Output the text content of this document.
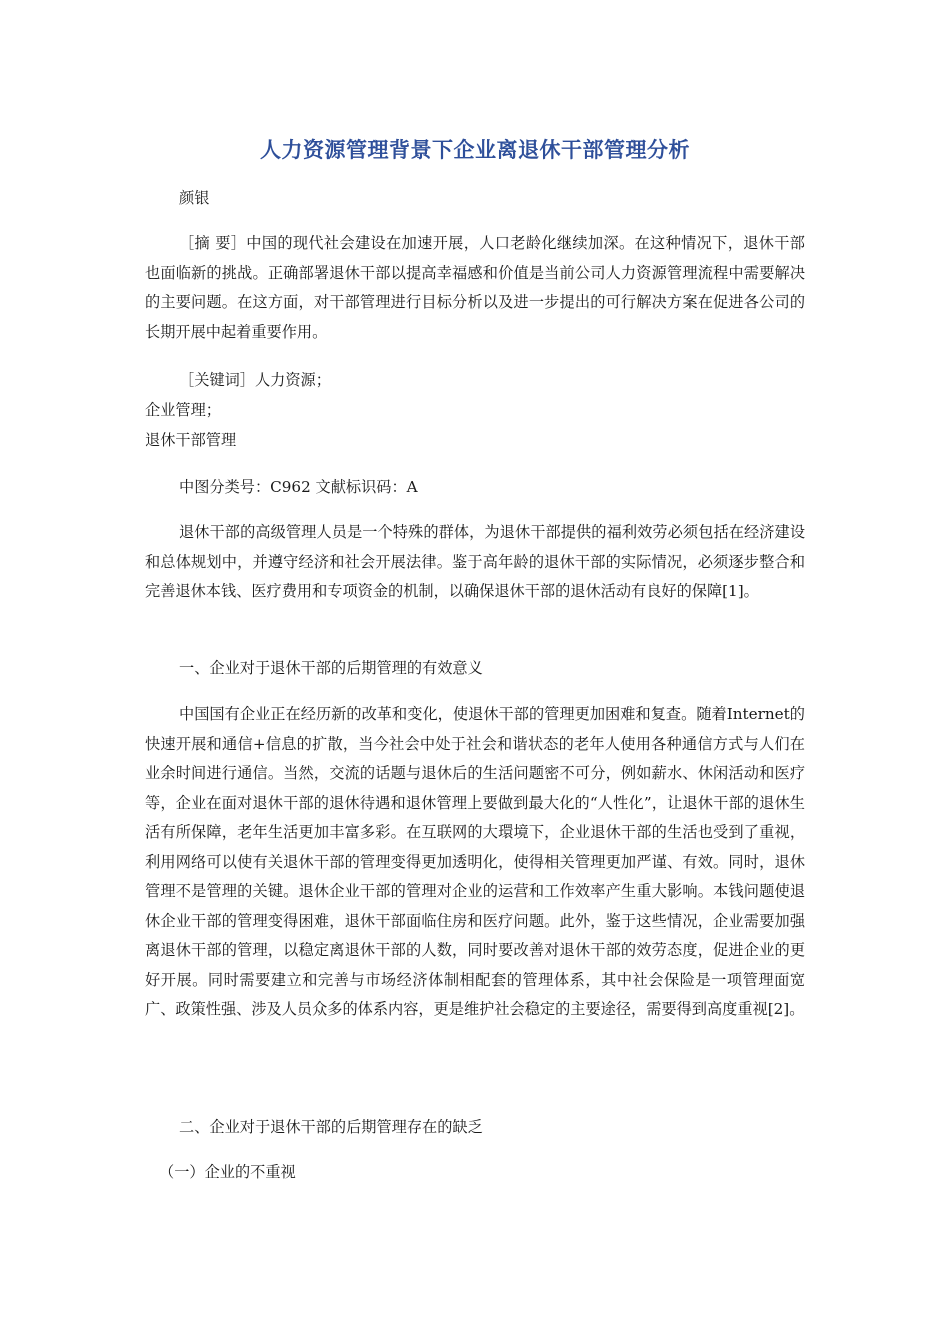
人力资源管理背景下企业离退休干部管理分析

颜银

［摘 要］中国的现代社会建设在加速开展，人口老龄化继续加深。在这种情况下，退休干部也面临新的挑战。正确部署退休干部以提高幸福感和价值是当前公司人力资源管理流程中需要解决的主要问题。在这方面，对干部管理进行目标分析以及进一步提出的可行解决方案在促进各公司的长期开展中起着重要作用。

［关键词］人力资源；

企业管理；

退休干部管理

中图分类号：C962 文献标识码：A

退休干部的高级管理人员是一个特殊的群体，为退休干部提供的福利效劳必须包括在经济建设和总体规划中，并遵守经济和社会开展法律。鉴于高年龄的退休干部的实际情况，必须逐步整合和完善退休本钱、医疗费用和专项资金的机制，以确保退休干部的退休活动有良好的保障[1]。

一、企业对于退休干部的后期管理的有效意义

中国国有企业正在经历新的改革和变化，使退休干部的管理更加困难和复查。随着Internet的快速开展和通信+信息的扩散，当今社会中处于社会和谐状态的老年人使用各种通信方式与人们在业余时间进行通信。当然，交流的话题与退休后的生活问题密不可分，例如薪水、休闲活动和医疗等，企业在面对退休干部的退休待遇和退休管理上要做到最大化的“人性化”，让退休干部的退休生活有所保障，老年生活更加丰富多彩。在互联网的大環境下，企业退休干部的生活也受到了重视，利用网络可以使有关退休干部的管理变得更加透明化，使得相关管理更加严谨、有效。同时，退休管理不是管理的关键。退休企业干部的管理对企业的运营和工作效率产生重大影响。本钱问题使退休企业干部的管理变得困难，退休干部面临住房和医疗问题。此外，鉴于这些情况，企业需要加强离退休干部的管理，以稳定离退休干部的人数，同时要改善对退休干部的效劳态度，促进企业的更好开展。同时需要建立和完善与市场经济体制相配套的管理体系，其中社会保险是一项管理面宽广、政策性强、涉及人员众多的体系内容，更是维护社会稳定的主要途径，需要得到高度重视[2]。

二、企业对于退休干部的后期管理存在的缺乏

（一）企业的不重视
